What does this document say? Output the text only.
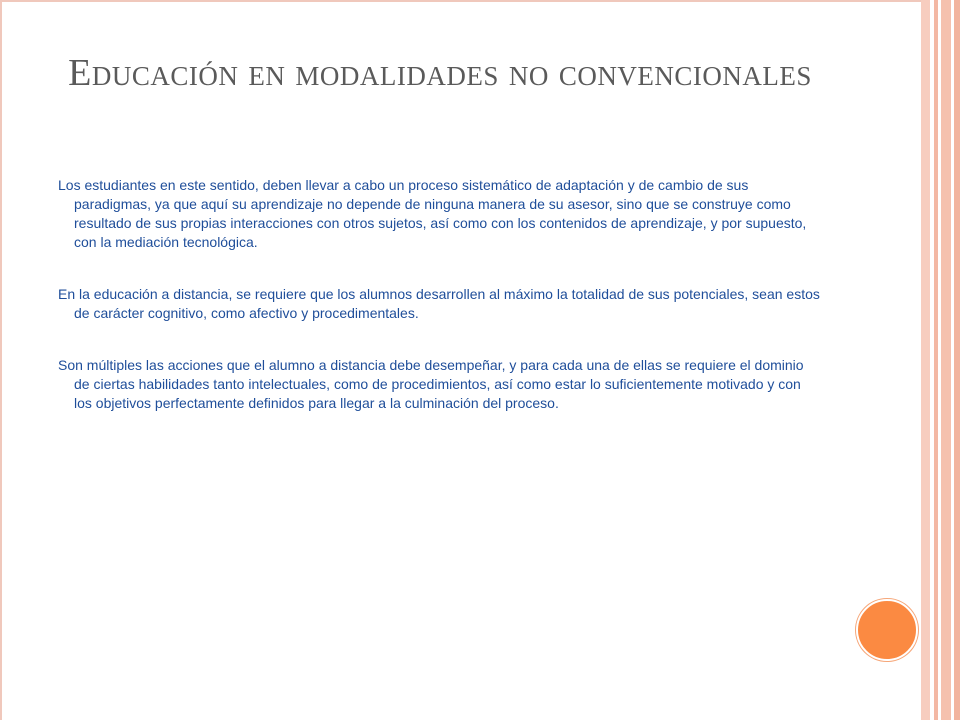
Educación en modalidades no convencionales

Los estudiantes en este sentido, deben llevar a cabo un proceso sistemático de adaptación y de cambio de sus paradigmas, ya que aquí su aprendizaje no depende de ninguna manera de su asesor, sino que se construye como resultado de sus propias interacciones con otros sujetos, así como con los contenidos de aprendizaje, y por supuesto, con la mediación tecnológica.

En la educación a distancia, se requiere que los alumnos desarrollen al máximo la totalidad de sus potenciales, sean estos de carácter cognitivo, como afectivo y procedimentales.

Son múltiples las acciones que el alumno a distancia debe desempeñar, y para cada una de ellas se requiere el dominio de ciertas habilidades tanto intelectuales, como de procedimientos, así como estar lo suficientemente motivado y con los objetivos perfectamente definidos para llegar a la culminación del proceso.
